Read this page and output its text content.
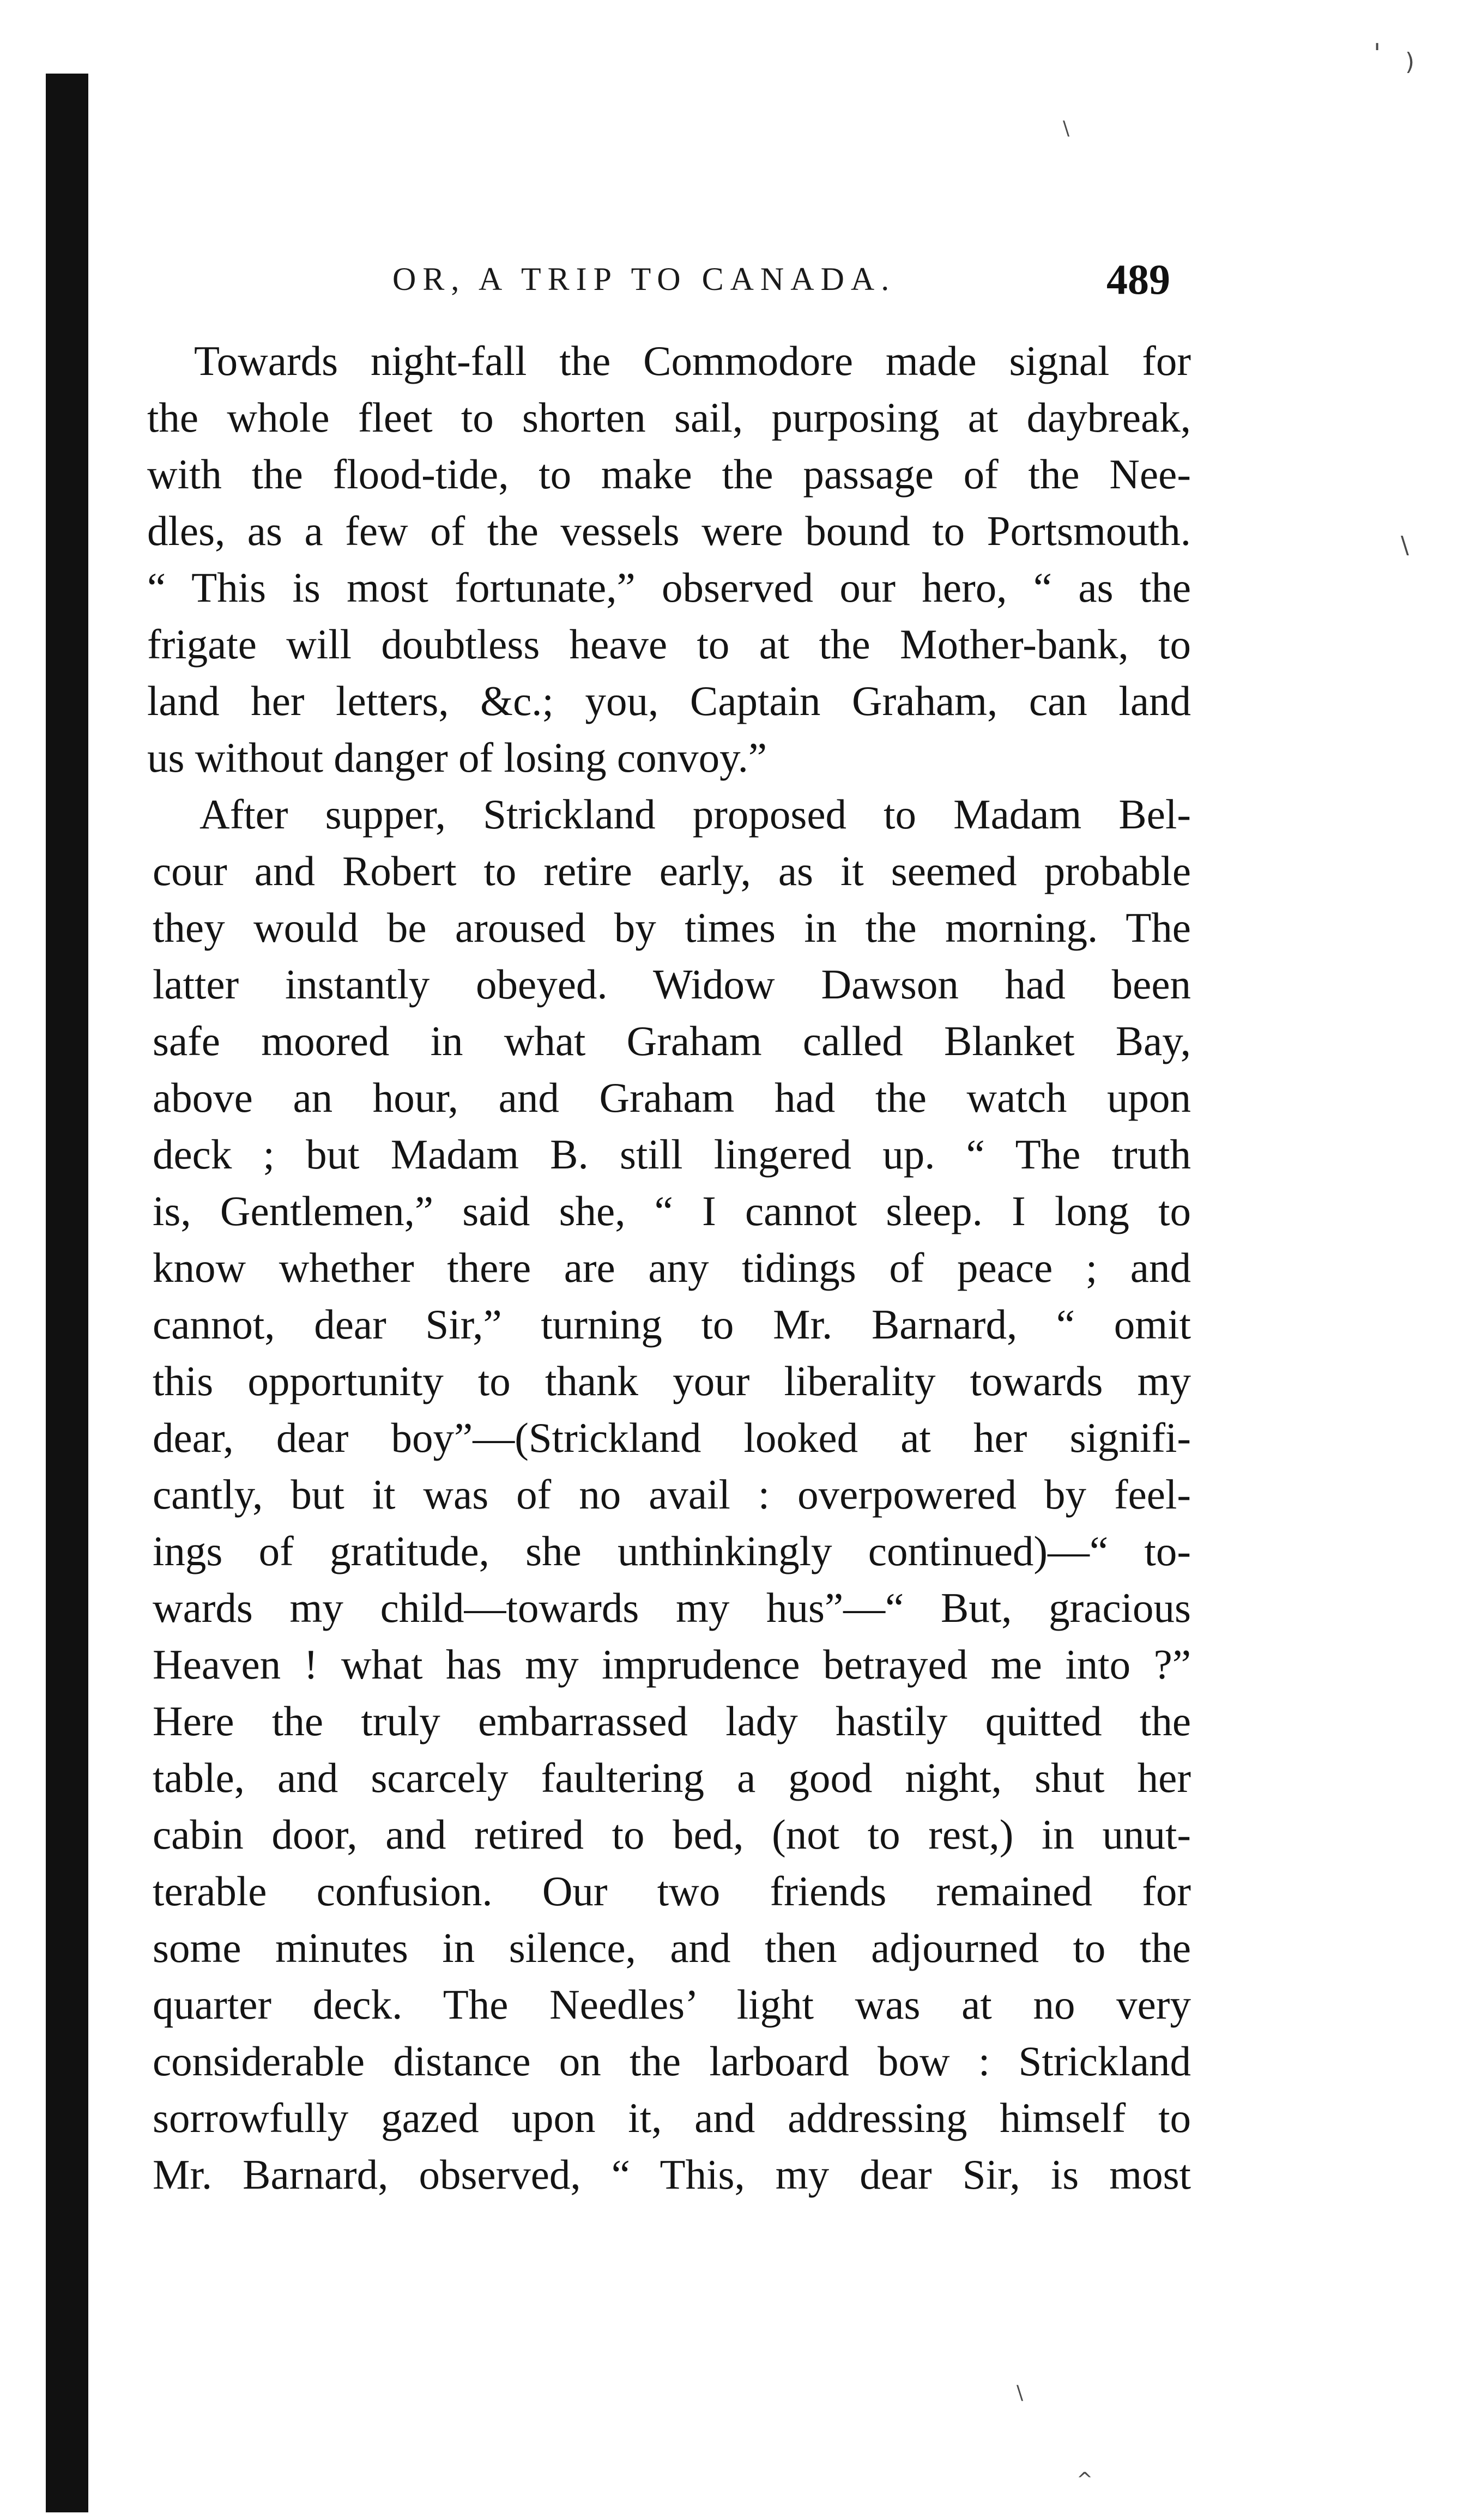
' )
\
\
\
^
OR, A TRIP TO CANADA.	489
Towards night-fall the Commodore made signal for
the whole fleet to shorten sail, purposing at daybreak,
with the flood-tide, to make the passage of the Nee-
dles, as a few of the vessels were bound to Portsmouth.
“ This is most fortunate,” observed our hero, “ as the
frigate will doubtless heave to at the Mother-bank, to
land her letters, &c.; you, Captain Graham, can land
us without danger of losing convoy.”
After supper, Strickland proposed to Madam Bel-
cour and Robert to retire early, as it seemed probable
they would be aroused by times in the morning. The
latter instantly obeyed. Widow Dawson had been
safe moored in what Graham called Blanket Bay,
above an hour, and Graham had the watch upon
deck ; but Madam B. still lingered up. “ The truth
is, Gentlemen,” said she, “ I cannot sleep. I long to
know whether there are any tidings of peace ; and
cannot, dear Sir,” turning to Mr. Barnard, “ omit
this opportunity to thank your liberality towards my
dear, dear boy”—(Strickland looked at her signifi-
cantly, but it was of no avail : overpowered by feel-
ings of gratitude, she unthinkingly continued)—“ to-
wards my child—towards my hus”—“ But, gracious
Heaven ! what has my imprudence betrayed me into ?”
Here the truly embarrassed lady hastily quitted the
table, and scarcely faultering a good night, shut her
cabin door, and retired to bed, (not to rest,) in unut-
terable confusion. Our two friends remained for
some minutes in silence, and then adjourned to the
quarter deck. The Needles’ light was at no very
considerable distance on the larboard bow : Strickland
sorrowfully gazed upon it, and addressing himself to
Mr. Barnard, observed, “ This, my dear Sir, is most
